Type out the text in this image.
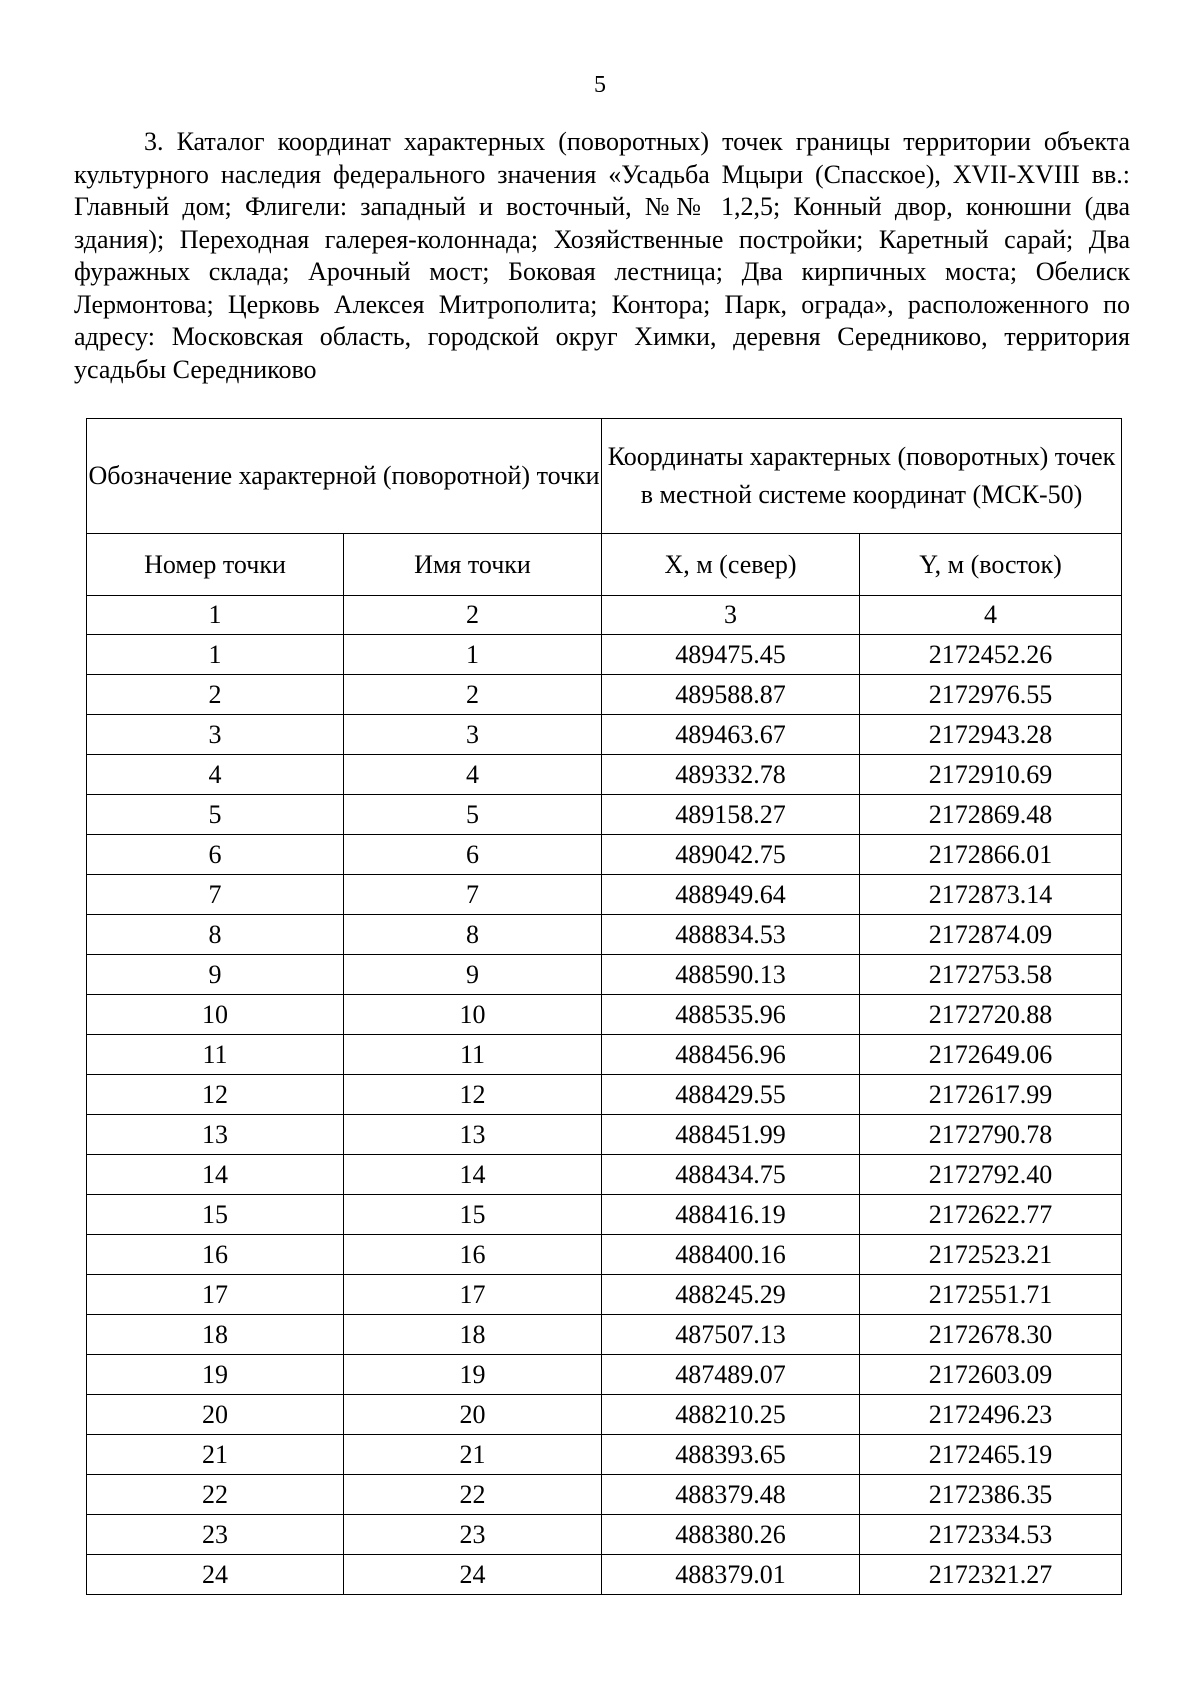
5

3. Каталог координат характерных (поворотных) точек границы территории объекта культурного наследия федерального значения «Усадьба Мцыри (Спасское), XVII-XVIII вв.: Главный дом; Флигели: западный и восточный, №№ 1,2,5; Конный двор, конюшни (два здания); Переходная галерея-колоннада; Хозяйственные постройки; Каретный сарай; Два фуражных склада; Арочный мост; Боковая лестница; Два кирпичных моста; Обелиск Лермонтова; Церковь Алексея Митрополита; Контора; Парк, ограда», расположенного по адресу: Московская область, городской округ Химки, деревня Середниково, территория усадьбы Середниково

Обозначение характерной (поворотной) точки		Координаты характерных (поворотных) точек в местной системе координат (МСК-50)	
Номер точки	Имя точки	X, м (север)	Y, м (восток)
1	2	3	4
1	1	489475.45	2172452.26
2	2	489588.87	2172976.55
3	3	489463.67	2172943.28
4	4	489332.78	2172910.69
5	5	489158.27	2172869.48
6	6	489042.75	2172866.01
7	7	488949.64	2172873.14
8	8	488834.53	2172874.09
9	9	488590.13	2172753.58
10	10	488535.96	2172720.88
11	11	488456.96	2172649.06
12	12	488429.55	2172617.99
13	13	488451.99	2172790.78
14	14	488434.75	2172792.40
15	15	488416.19	2172622.77
16	16	488400.16	2172523.21
17	17	488245.29	2172551.71
18	18	487507.13	2172678.30
19	19	487489.07	2172603.09
20	20	488210.25	2172496.23
21	21	488393.65	2172465.19
22	22	488379.48	2172386.35
23	23	488380.26	2172334.53
24	24	488379.01	2172321.27
